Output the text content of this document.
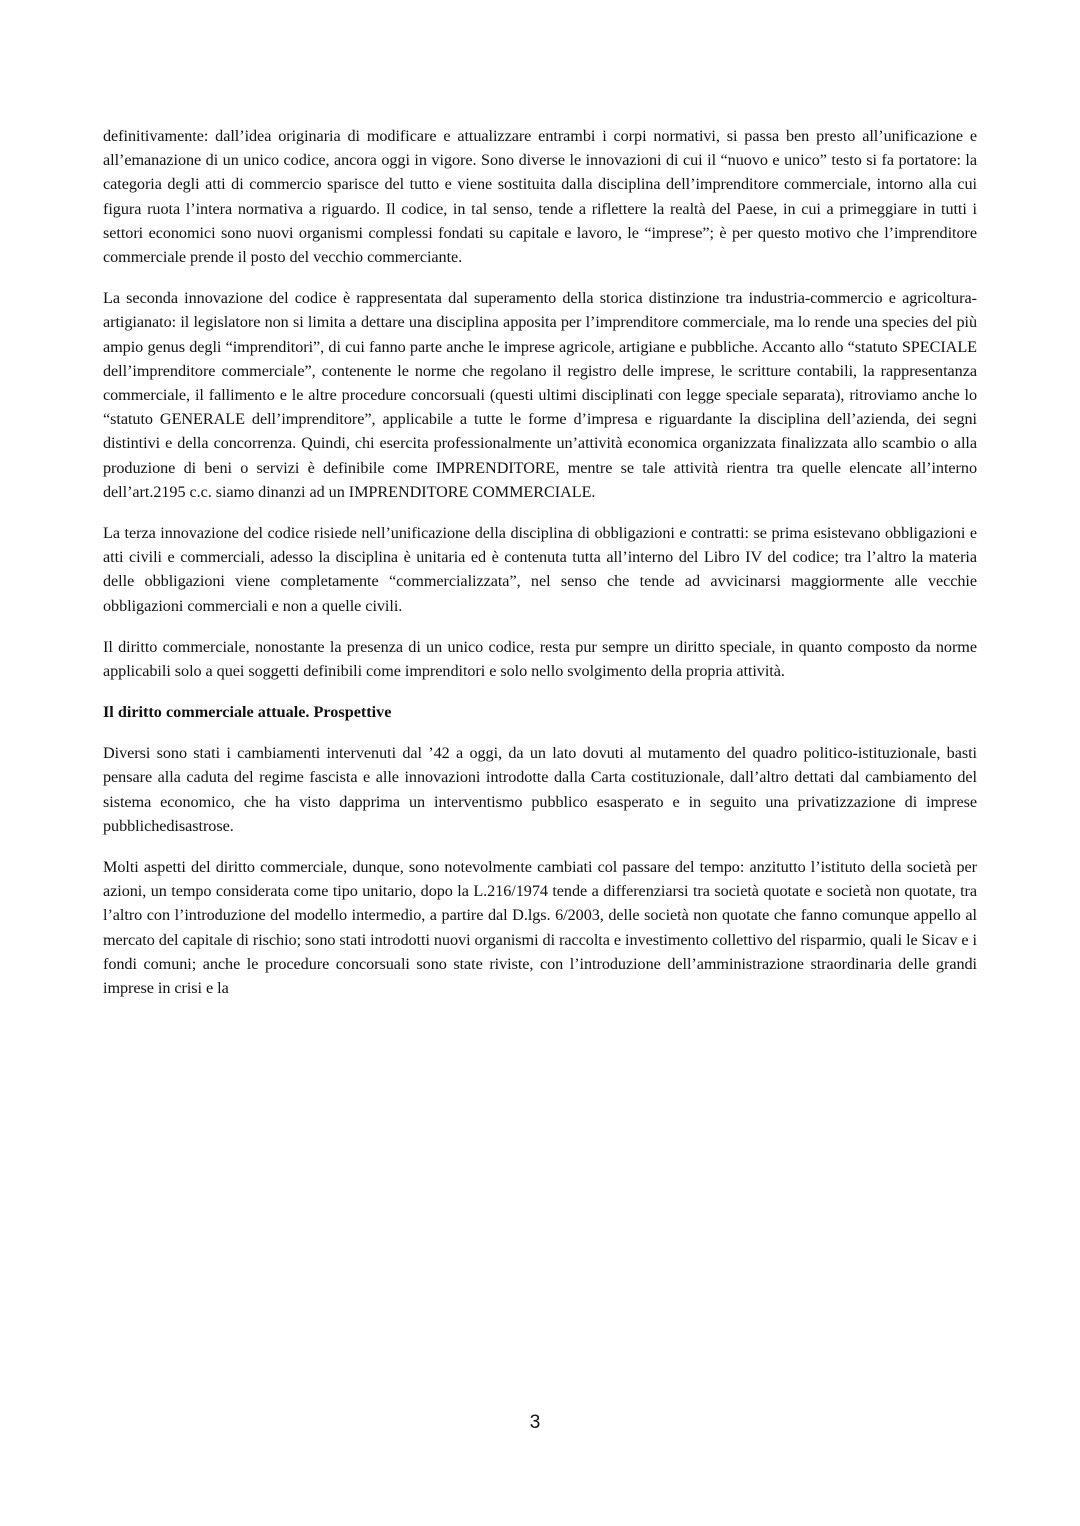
definitivamente: dall’idea originaria di modificare e attualizzare entrambi i corpi normativi, si passa ben presto all’unificazione e all’emanazione di un unico codice, ancora oggi in vigore. Sono diverse le innovazioni di cui il “nuovo e unico” testo si fa portatore: la categoria degli atti di commercio sparisce del tutto e viene sostituita dalla disciplina dell’imprenditore commerciale, intorno alla cui figura ruota l’intera normativa a riguardo. Il codice, in tal senso, tende a riflettere la realtà del Paese, in cui a primeggiare in tutti i settori economici sono nuovi organismi complessi fondati su capitale e lavoro, le “imprese”; è per questo motivo che l’imprenditore commerciale prende il posto del vecchio commerciante.

La seconda innovazione del codice è rappresentata dal superamento della storica distinzione tra industria-commercio e agricoltura-artigianato: il legislatore non si limita a dettare una disciplina apposita per l’imprenditore commerciale, ma lo rende una species del più ampio genus degli “imprenditori”, di cui fanno parte anche le imprese agricole, artigiane e pubbliche. Accanto allo “statuto SPECIALE dell’imprenditore commerciale”, contenente le norme che regolano il registro delle imprese, le scritture contabili, la rappresentanza commerciale, il fallimento e le altre procedure concorsuali (questi ultimi disciplinati con legge speciale separata), ritroviamo anche lo “statuto GENERALE dell’imprenditore”, applicabile a tutte le forme d’impresa e riguardante la disciplina dell’azienda, dei segni distintivi e della concorrenza. Quindi, chi esercita professionalmente un’attività economica organizzata finalizzata allo scambio o alla produzione di beni o servizi è definibile come IMPRENDITORE, mentre se tale attività rientra tra quelle elencate all’interno dell’art.2195 c.c. siamo dinanzi ad un IMPRENDITORE COMMERCIALE.

La terza innovazione del codice risiede nell’unificazione della disciplina di obbligazioni e contratti: se prima esistevano obbligazioni e atti civili e commerciali, adesso la disciplina è unitaria ed è contenuta tutta all’interno del Libro IV del codice; tra l’altro la materia delle obbligazioni viene completamente “commercializzata”, nel senso che tende ad avvicinarsi maggiormente alle vecchie obbligazioni commerciali e non a quelle civili.

Il diritto commerciale, nonostante la presenza di un unico codice, resta pur sempre un diritto speciale, in quanto composto da norme applicabili solo a quei soggetti definibili come imprenditori e solo nello svolgimento della propria attività.

Il diritto commerciale attuale. Prospettive

Diversi sono stati i cambiamenti intervenuti dal ’42 a oggi, da un lato dovuti al mutamento del quadro politico-istituzionale, basti pensare alla caduta del regime fascista e alle innovazioni introdotte dalla Carta costituzionale, dall’altro dettati dal cambiamento del sistema economico, che ha visto dapprima un interventismo pubblico esasperato e in seguito una privatizzazione di imprese pubblichedisastrose.

Molti aspetti del diritto commerciale, dunque, sono notevolmente cambiati col passare del tempo: anzitutto l’istituto della società per azioni, un tempo considerata come tipo unitario, dopo la L.216/1974 tende a differenziarsi tra società quotate e società non quotate, tra l’altro con l’introduzione del modello intermedio, a partire dal D.lgs. 6/2003, delle società non quotate che fanno comunque appello al mercato del capitale di rischio; sono stati introdotti nuovi organismi di raccolta e investimento collettivo del risparmio, quali le Sicav e i fondi comuni; anche le procedure concorsuali sono state riviste, con l’introduzione dell’amministrazione straordinaria delle grandi imprese in crisi e la

3
